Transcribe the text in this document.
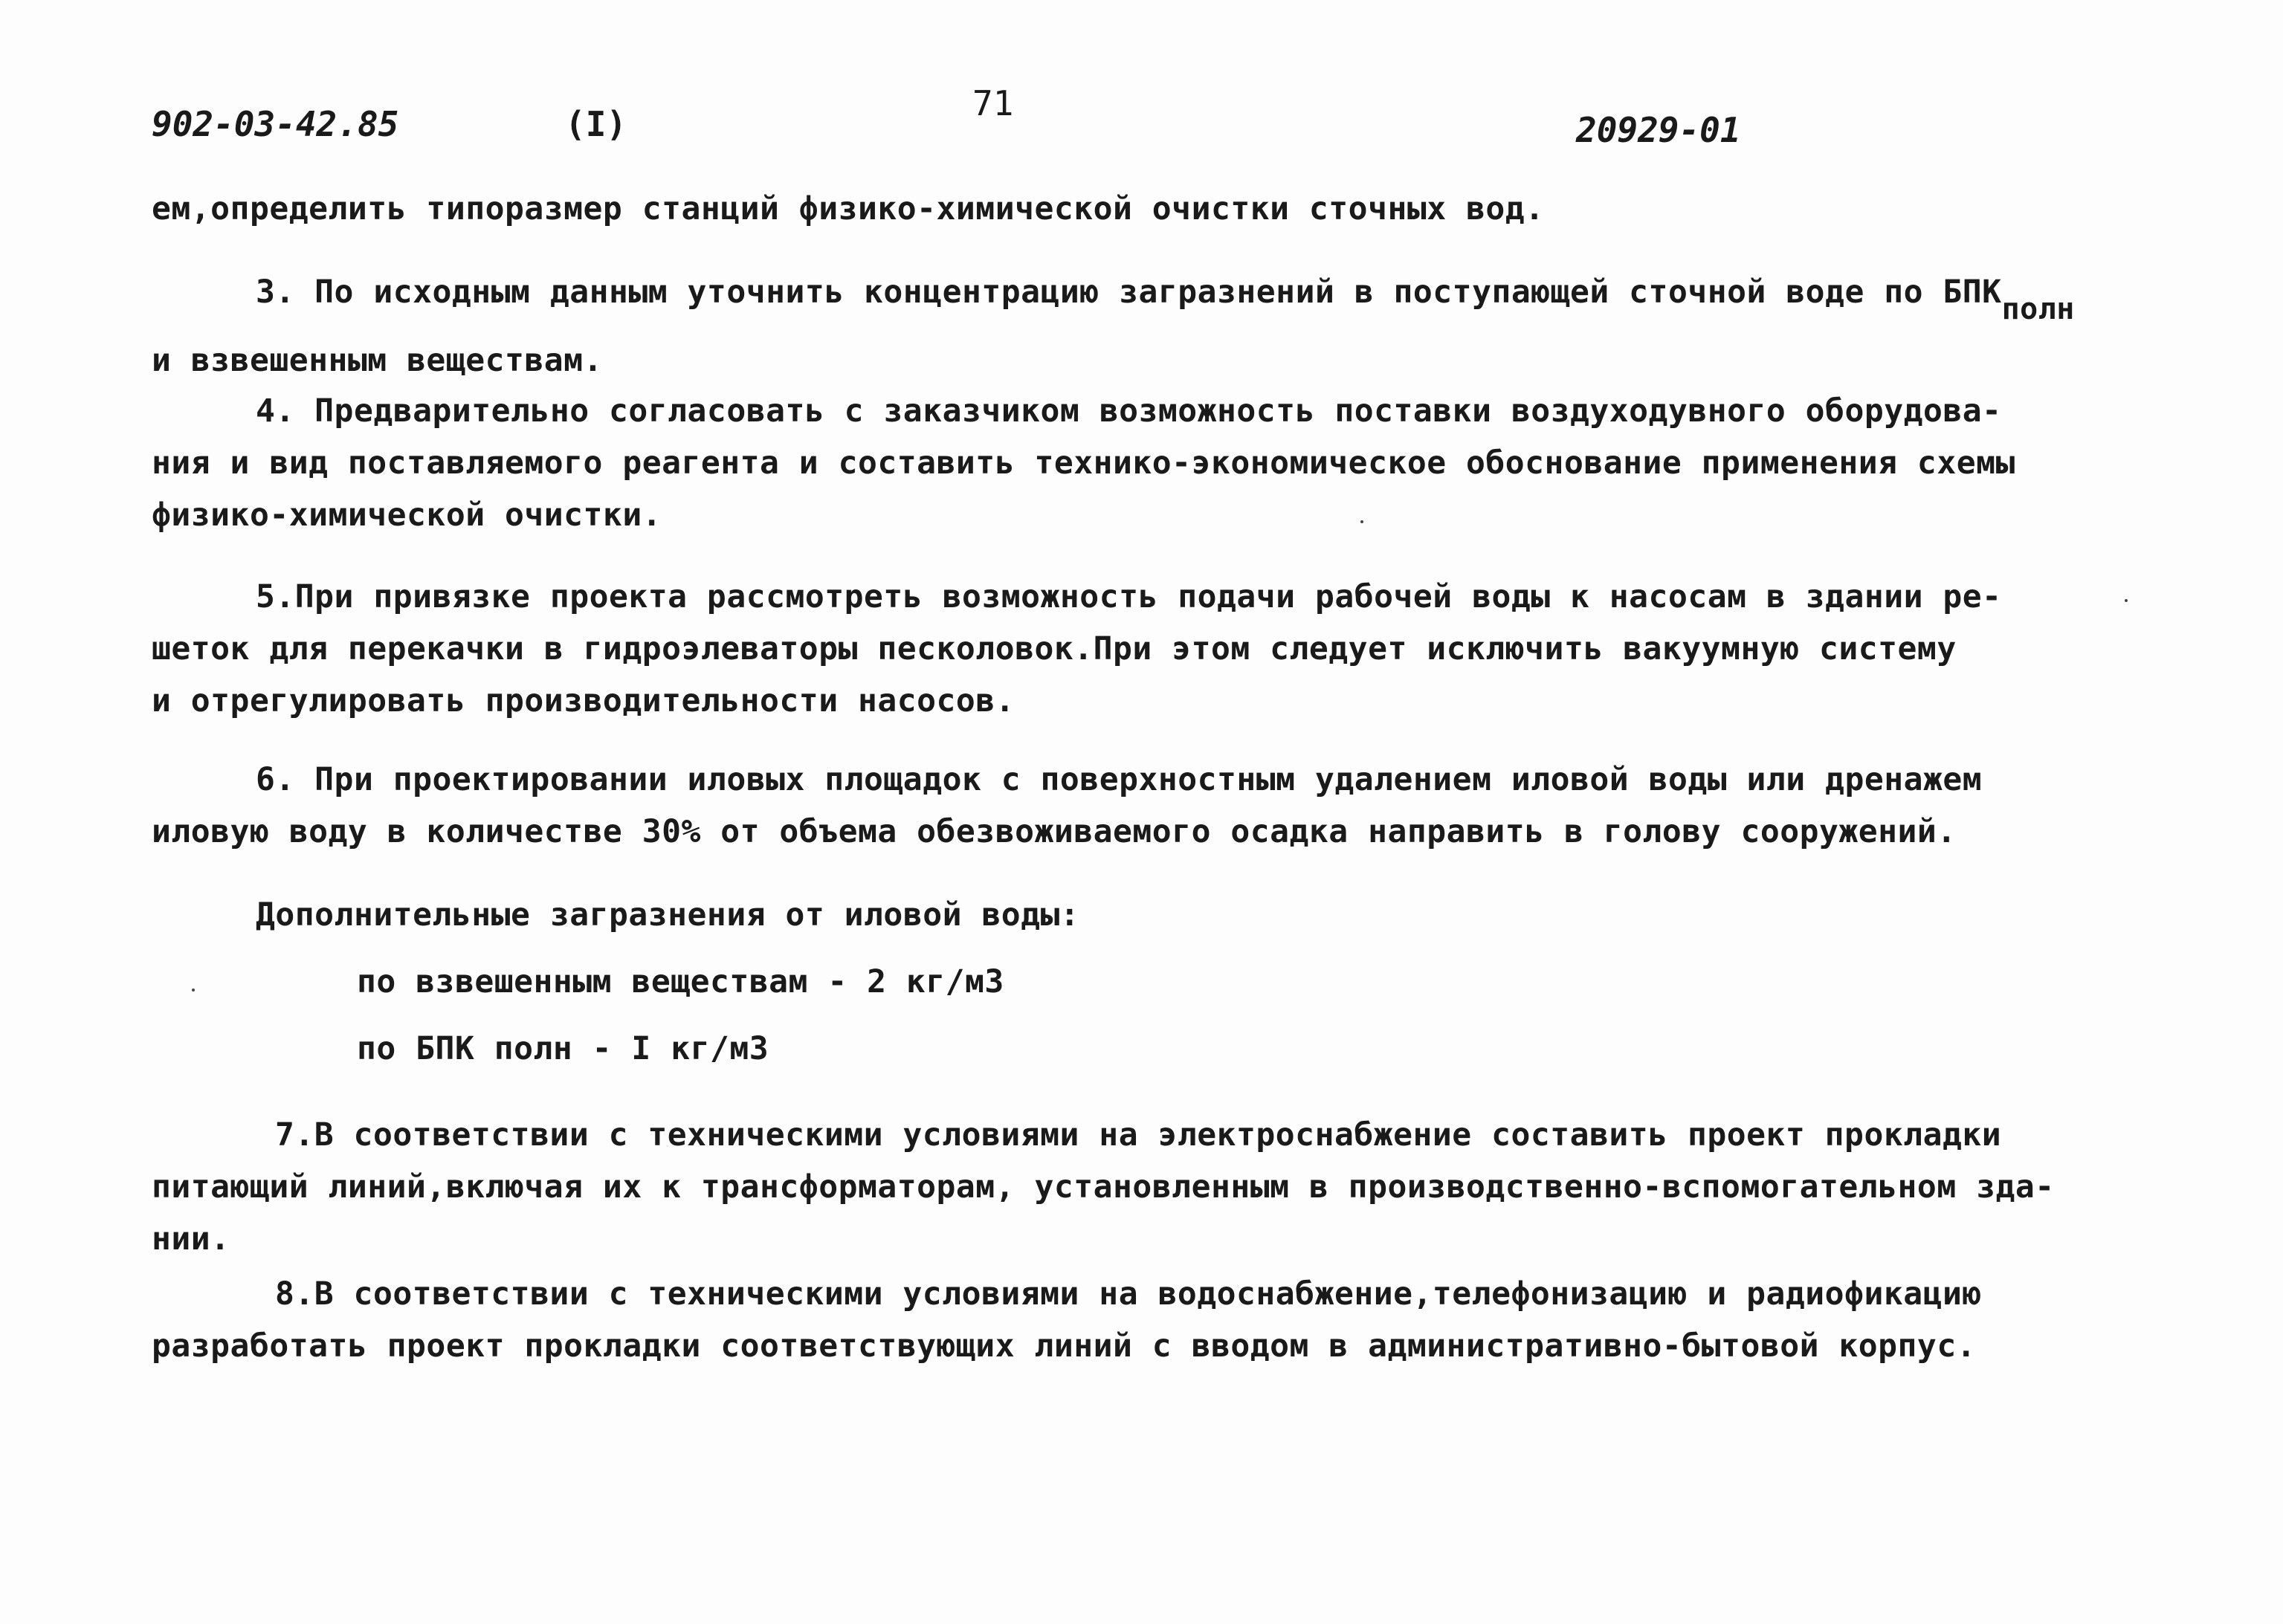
902-03-42.85	(I)
71
20929-01
ем,определить типоразмер станций физико-химической очистки сточных вод.
3. По исходным данным уточнить концентрацию загразнений в поступающей сточной воде по БПКполн
и взвешенным веществам.
4. Предварительно согласовать с заказчиком возможность поставки воздуходувного оборудова-
ния и вид поставляемого реагента и составить технико-экономическое обоснование применения схемы
физико-химической очистки.
5.При привязке проекта рассмотреть возможность подачи рабочей воды к насосам в здании ре-
шеток для перекачки в гидроэлеваторы песколовок.При этом следует исключить вакуумную систему
и отрегулировать производительности насосов.
6. При проектировании иловых площадок с поверхностным удалением иловой воды или дренажем
иловую воду в количестве 30% от объема обезвоживаемого осадка направить в голову сооружений.
Дополнительные загразнения от иловой воды:
по взвешенным веществам - 2 кг/м3
по БПК полн - I кг/м3
7.В соответствии с техническими условиями на электроснабжение составить проект прокладки
питающий линий,включая их к трансформаторам, установленным в производственно-вспомогательном зда-
нии.
8.В соответствии с техническими условиями на водоснабжение,телефонизацию и радиофикацию
разработать проект прокладки соответствующих линий с вводом в административно-бытовой корпус.
